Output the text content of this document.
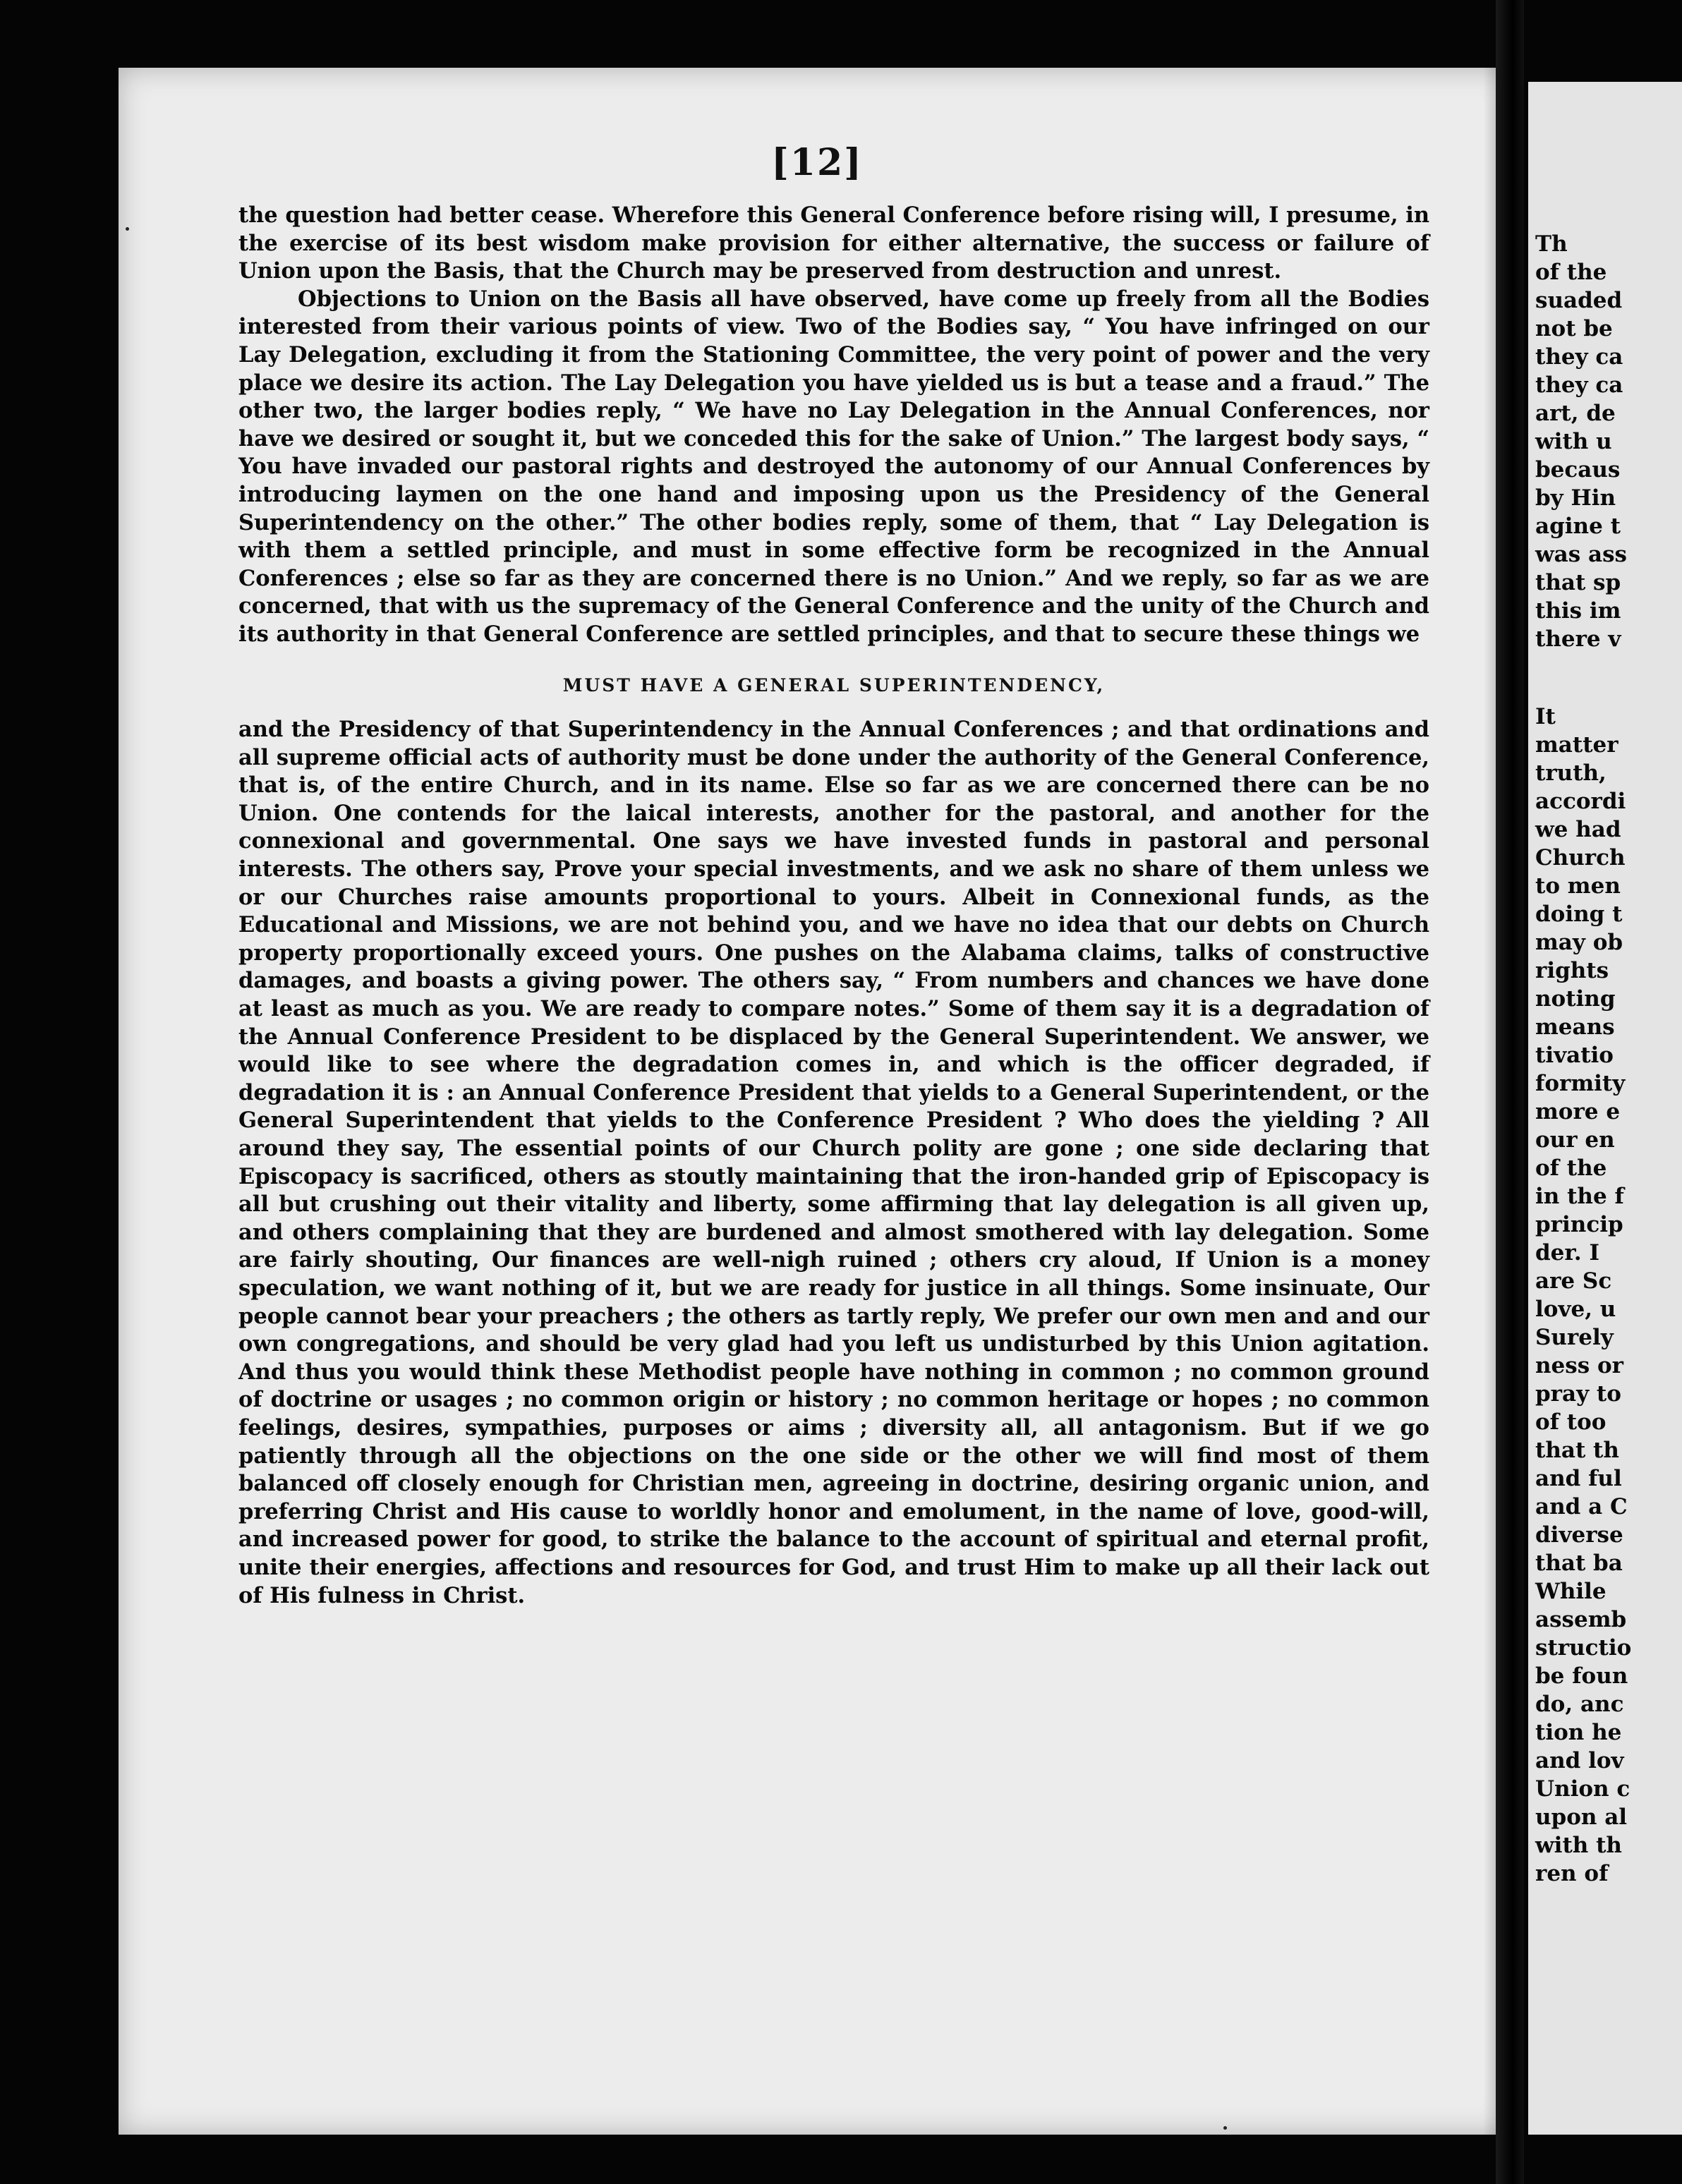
[12]

the question had better cease. Wherefore this General Conference before rising will, I presume, in the exercise of its best wisdom make provision for either alternative, the success or failure of Union upon the Basis, that the Church may be preserved from destruction and unrest.

Objections to Union on the Basis all have observed, have come up freely from all the Bodies interested from their various points of view. Two of the Bodies say, “ You have infringed on our Lay Delegation, excluding it from the Stationing Committee, the very point of power and the very place we desire its action. The Lay Delegation you have yielded us is but a tease and a fraud.” The other two, the larger bodies reply, “ We have no Lay Delegation in the Annual Conferences, nor have we desired or sought it, but we conceded this for the sake of Union.” The largest body says, “ You have invaded our pastoral rights and destroyed the autonomy of our Annual Conferences by introducing laymen on the one hand and imposing upon us the Presidency of the General Superintendency on the other.” The other bodies reply, some of them, that “ Lay Delegation is with them a settled principle, and must in some effective form be recognized in the Annual Conferences ; else so far as they are concerned there is no Union.” And we reply, so far as we are concerned, that with us the supremacy of the General Conference and the unity of the Church and its authority in that General Conference are settled principles, and that to secure these things we

MUST HAVE A GENERAL SUPERINTENDENCY,

and the Presidency of that Superintendency in the Annual Conferences ; and that ordinations and all supreme official acts of authority must be done under the authority of the General Conference, that is, of the entire Church, and in its name. Else so far as we are concerned there can be no Union. One contends for the laical interests, another for the pastoral, and another for the connexional and governmental. One says we have invested funds in pastoral and personal interests. The others say, Prove your special investments, and we ask no share of them unless we or our Churches raise amounts proportional to yours. Albeit in Connexional funds, as the Educational and Missions, we are not behind you, and we have no idea that our debts on Church property proportionally exceed yours. One pushes on the Alabama claims, talks of constructive damages, and boasts a giving power. The others say, “ From numbers and chances we have done at least as much as you. We are ready to compare notes.” Some of them say it is a degradation of the Annual Conference President to be displaced by the General Superintendent. We answer, we would like to see where the degradation comes in, and which is the officer degraded, if degradation it is : an Annual Conference President that yields to a General Superintendent, or the General Superintendent that yields to the Conference President ? Who does the yielding ? All around they say, The essential points of our Church polity are gone ; one side declaring that Episcopacy is sacrificed, others as stoutly maintaining that the iron-handed grip of Episcopacy is all but crushing out their vitality and liberty, some affirming that lay delegation is all given up, and others complaining that they are burdened and almost smothered with lay delegation. Some are fairly shouting, Our finances are well-nigh ruined ; others cry aloud, If Union is a money speculation, we want nothing of it, but we are ready for justice in all things. Some insinuate, Our people cannot bear your preachers ; the others as tartly reply, We prefer our own men and and our own congregations, and should be very glad had you left us undisturbed by this Union agitation. And thus you would think these Methodist people have nothing in common ; no common ground of doctrine or usages ; no common origin or history ; no common heritage or hopes ; no common feelings, desires, sympathies, purposes or aims ; diversity all, all antagonism. But if we go patiently through all the objections on the one side or the other we will find most of them balanced off closely enough for Christian men, agreeing in doctrine, desiring organic union, and preferring Christ and His cause to worldly honor and emolument, in the name of love, good-will, and increased power for good, to strike the balance to the account of spiritual and eternal profit, unite their energies, affections and resources for God, and trust Him to make up all their lack out of His fulness in Christ.

Th
of the
suaded
not be
they ca
they ca
art, de
with u
becaus
by Hin
agine t
was ass
that sp
this im
there v
It
matter
truth,
accordi
we had
Church
to men
doing t
may ob
rights
noting
means
tivatio
formity
more e
our en
of the
in the f
princip
der. I
are Sc
love, u
Surely
ness or
pray to
of too
that th
and ful
and a C
diverse
that ba
While
assemb
structio
be foun
do, anc
tion he
and lov
Union c
upon al
with th
ren of
